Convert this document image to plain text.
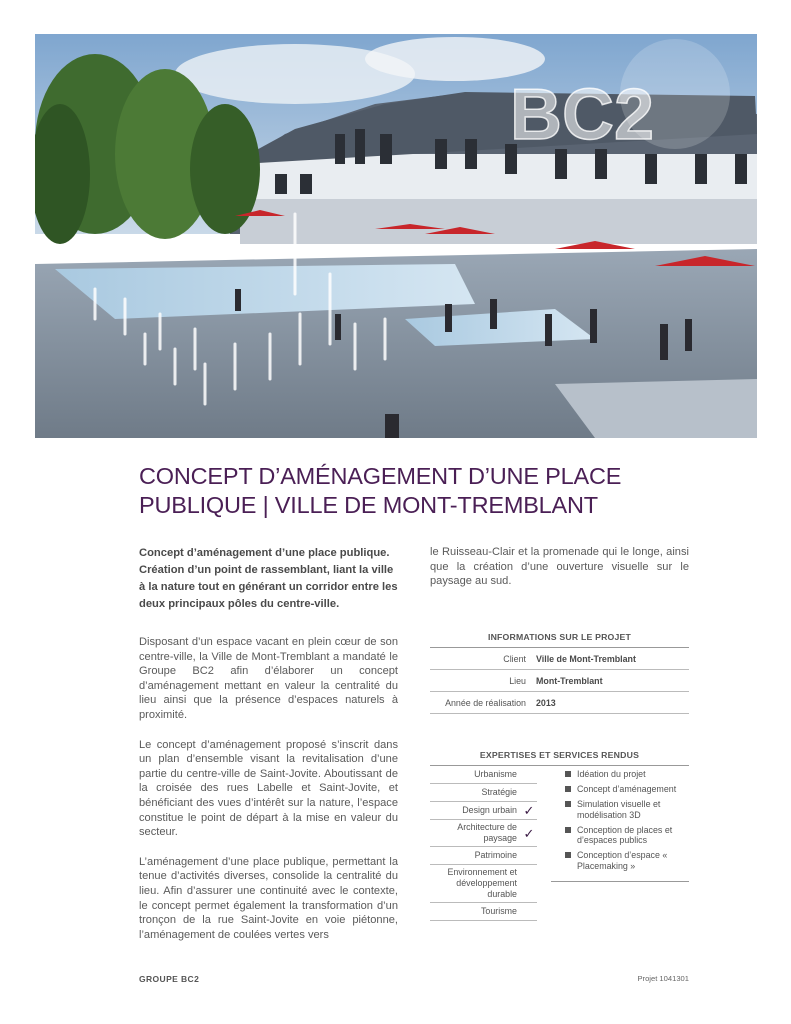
BC2
CONCEPT D’AMÉNAGEMENT D’UNE PLACE
PUBLIQUE | VILLE DE MONT-TREMBLANT

Concept d’aménagement d’une place publique. Création d’un point de rassemblant, liant la ville à la nature tout en générant un corridor entre les deux principaux pôles du centre-ville.

Disposant d’un espace vacant en plein cœur de son centre-ville, la Ville de Mont-Tremblant a mandaté le Groupe BC2 afin d’élaborer un concept d’aménagement mettant en valeur la centralité du lieu ainsi que la présence d’espaces naturels à proximité.

Le concept d’aménagement proposé s’inscrit dans un plan d’ensemble visant la revitalisation d’une partie du centre-ville de Saint-Jovite. Aboutissant de la croisée des rues Labelle et Saint-Jovite, et bénéficiant des vues d’intérêt sur la nature, l’espace constitue le point de départ à la mise en valeur du secteur.

L’aménagement d’une place publique, permettant la tenue d’activités diverses, consolide la centralité du lieu. Afin d’assurer une continuité avec le contexte, le concept permet également la transformation d’un tronçon de la rue Saint-Jovite en voie piétonne, l’aménagement de coulées vertes vers

le Ruisseau-Clair et la promenade qui le longe, ainsi que la création d’une ouverture visuelle sur le paysage au sud.

INFORMATIONS SUR LE PROJET

Client	Ville de Mont-Tremblant
Lieu	Mont-Tremblant
Année de réalisation	2013

EXPERTISES ET SERVICES RENDUS

Urbanisme
Stratégie
Design urbain ✓
Architecture de paysage ✓
Patrimoine
Environnement et développement durable
Tourisme
Idéation du projet
Concept d’aménagement
Simulation visuelle et modélisation 3D
Conception de places et d’espaces publics
Conception d’espace « Placemaking »
GROUPE BC2	Projet 1041301
